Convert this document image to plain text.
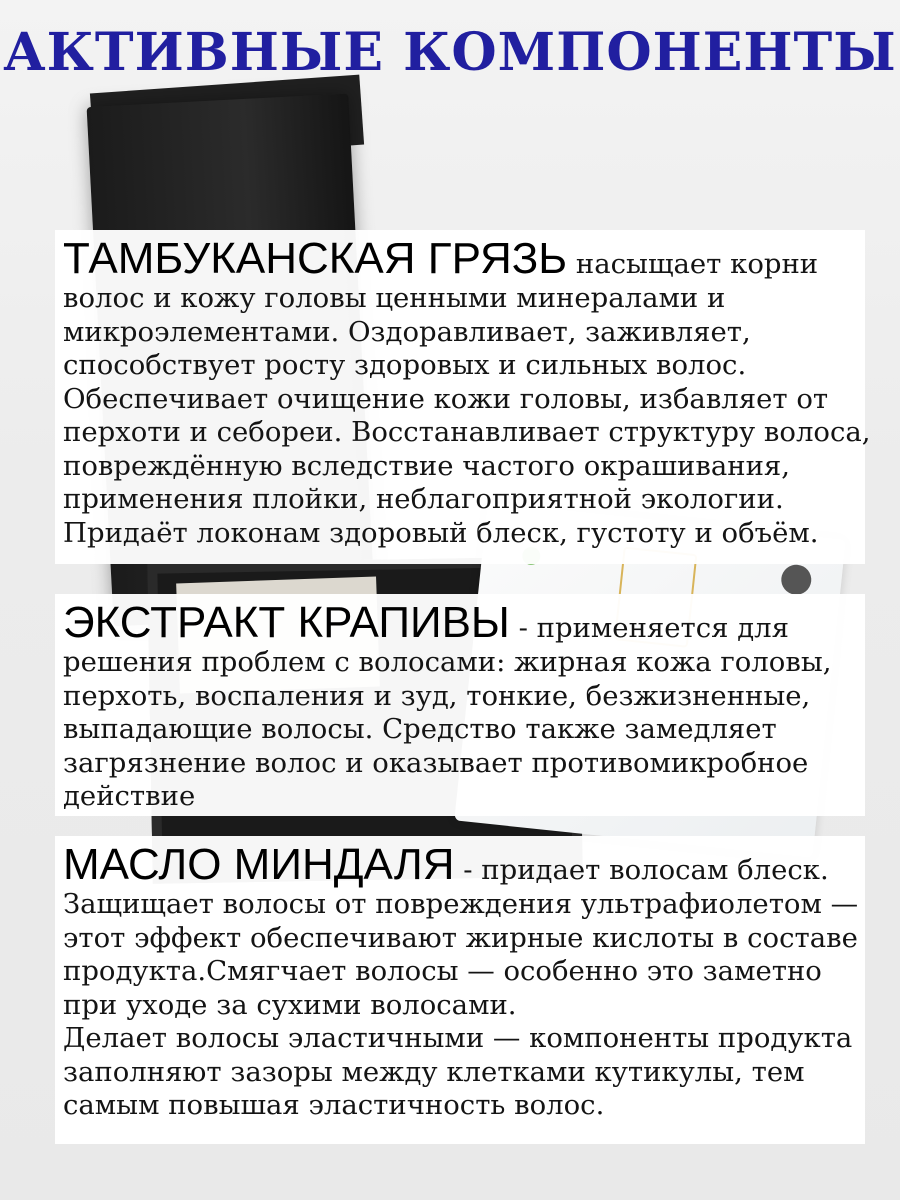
АКТИВНЫЕ КОМПОНЕНТЫ
ТАМБУКАНСКАЯ ГРЯЗЬ насыщает корни
волос и кожу головы ценными минералами и
микроэлементами. Оздоравливает, заживляет,
способствует росту здоровых и сильных волос.
Обеспечивает очищение кожи головы, избавляет от
перхоти и себореи. Восстанавливает структуру волоса,
повреждённую вследствие частого окрашивания,
применения плойки, неблагоприятной экологии.
Придаёт локонам здоровый блеск, густоту и объём.
ЭКСТРАКТ КРАПИВЫ - применяется для
решения проблем с волосами: жирная кожа головы,
перхоть, воспаления и зуд, тонкие, безжизненные,
выпадающие волосы. Средство также замедляет
загрязнение волос и оказывает противомикробное
действие
МАСЛО МИНДАЛЯ - придает волосам блеск.
Защищает волосы от повреждения ультрафиолетом —
этот эффект обеспечивают жирные кислоты в составе
продукта.Смягчает волосы — особенно это заметно
при уходе за сухими волосами.
Делает волосы эластичными — компоненты продукта
заполняют зазоры между клетками кутикулы, тем
самым повышая эластичность волос.
